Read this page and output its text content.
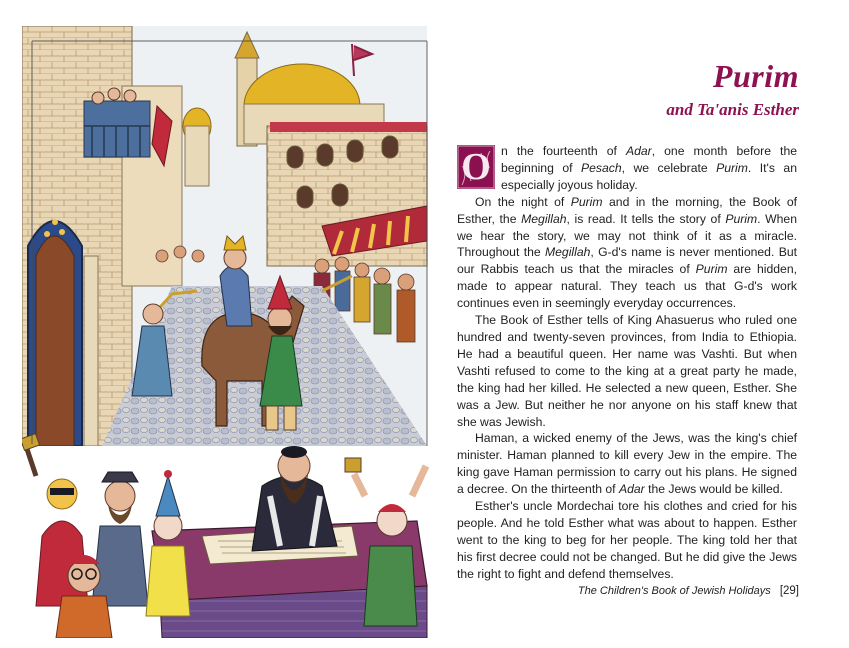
Purim
and Ta'anis Esther
O n the fourteenth of Adar, one month before the beginning of Pesach, we celebrate Purim. It's an especially joyous holiday.

On the night of Purim and in the morning, the Book of Esther, the Megillah, is read. It tells the story of Purim. When we hear the story, we may not think of it as a miracle. Throughout the Megillah, G-d's name is never mentioned. But our Rabbis teach us that the miracles of Purim are hidden, made to appear natural. They teach us that G-d's work continues even in seemingly everyday occurrences.

The Book of Esther tells of King Ahasuerus who ruled one hundred and twenty-seven provinces, from India to Ethiopia. He had a beautiful queen. Her name was Vashti. But when Vashti refused to come to the king at a great party he made, the king had her killed. He selected a new queen, Esther. She was a Jew. But neither he nor anyone on his staff knew that she was Jewish.

Haman, a wicked enemy of the Jews, was the king's chief minister. Haman planned to kill every Jew in the empire. The king gave Haman permission to carry out his plans. He signed a decree. On the thirteenth of Adar the Jews would be killed.

Esther's uncle Mordechai tore his clothes and cried for his people. And he told Esther what was about to happen. Esther went to the king to beg for her people. The king told her that his first decree could not be changed. But he did give the Jews the right to fight and defend themselves.

The Children's Book of Jewish Holidays [29]
